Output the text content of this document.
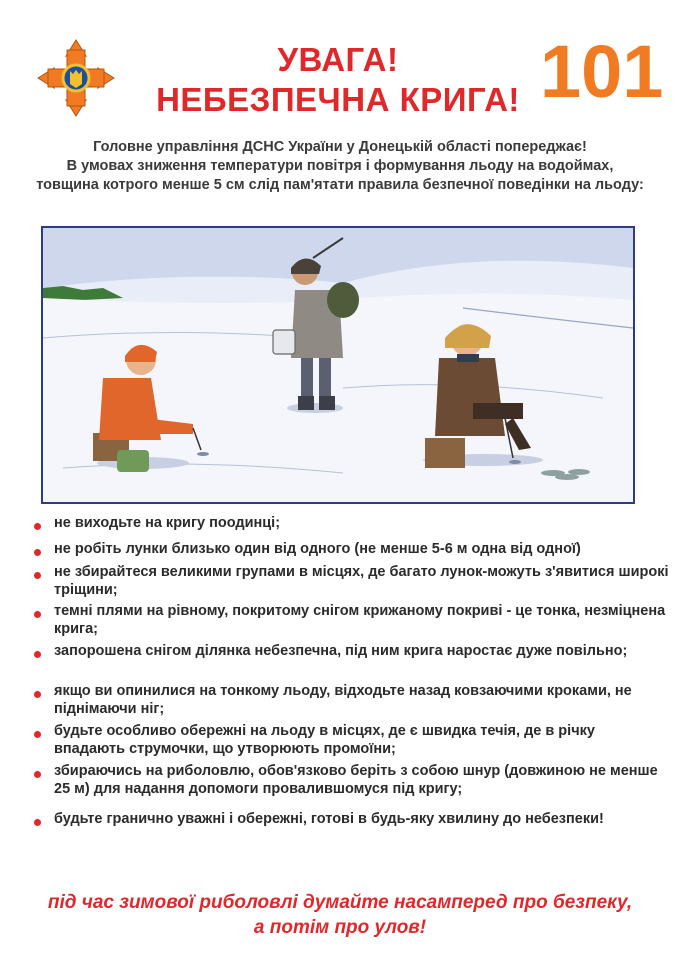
УВАГА!
НЕБЕЗПЕЧНА КРИГА! 101
Головне управління ДСНС України у Донецькій області попереджає!
В умовах зниження температури повітря і формування льоду на водоймах,
товщина котрого менше 5 см слід пам'ятати правила безпечної поведінки на льоду:
не виходьте на кригу поодинці;
не робіть лунки близько один від одного (не менше 5-6 м одна від одної)
не збирайтеся великими групами в місцях, де багато лунок-можуть з'явитися широкі тріщини;
темні плями на рівному, покритому снігом крижаному покриві - це тонка, незміцнена крига;
запорошена снігом ділянка небезпечна, під ним крига наростає дуже повільно;
якщо ви опинилися на тонкому льоду, відходьте назад ковзаючими кроками, не піднімаючи ніг;
будьте особливо обережні на льоду в місцях, де є швидка течія, де в річку впадають струмочки, що утворюють промоїни;
збираючись на риболовлю, обов'язково беріть з собою шнур (довжиною не менше 25 м) для надання допомоги провалившомуся під кригу;
будьте гранично уважні і обережні, готові в будь-яку хвилину до небезпеки!
під час зимової риболовлі думайте насамперед про безпеку,
а потім про улов!
